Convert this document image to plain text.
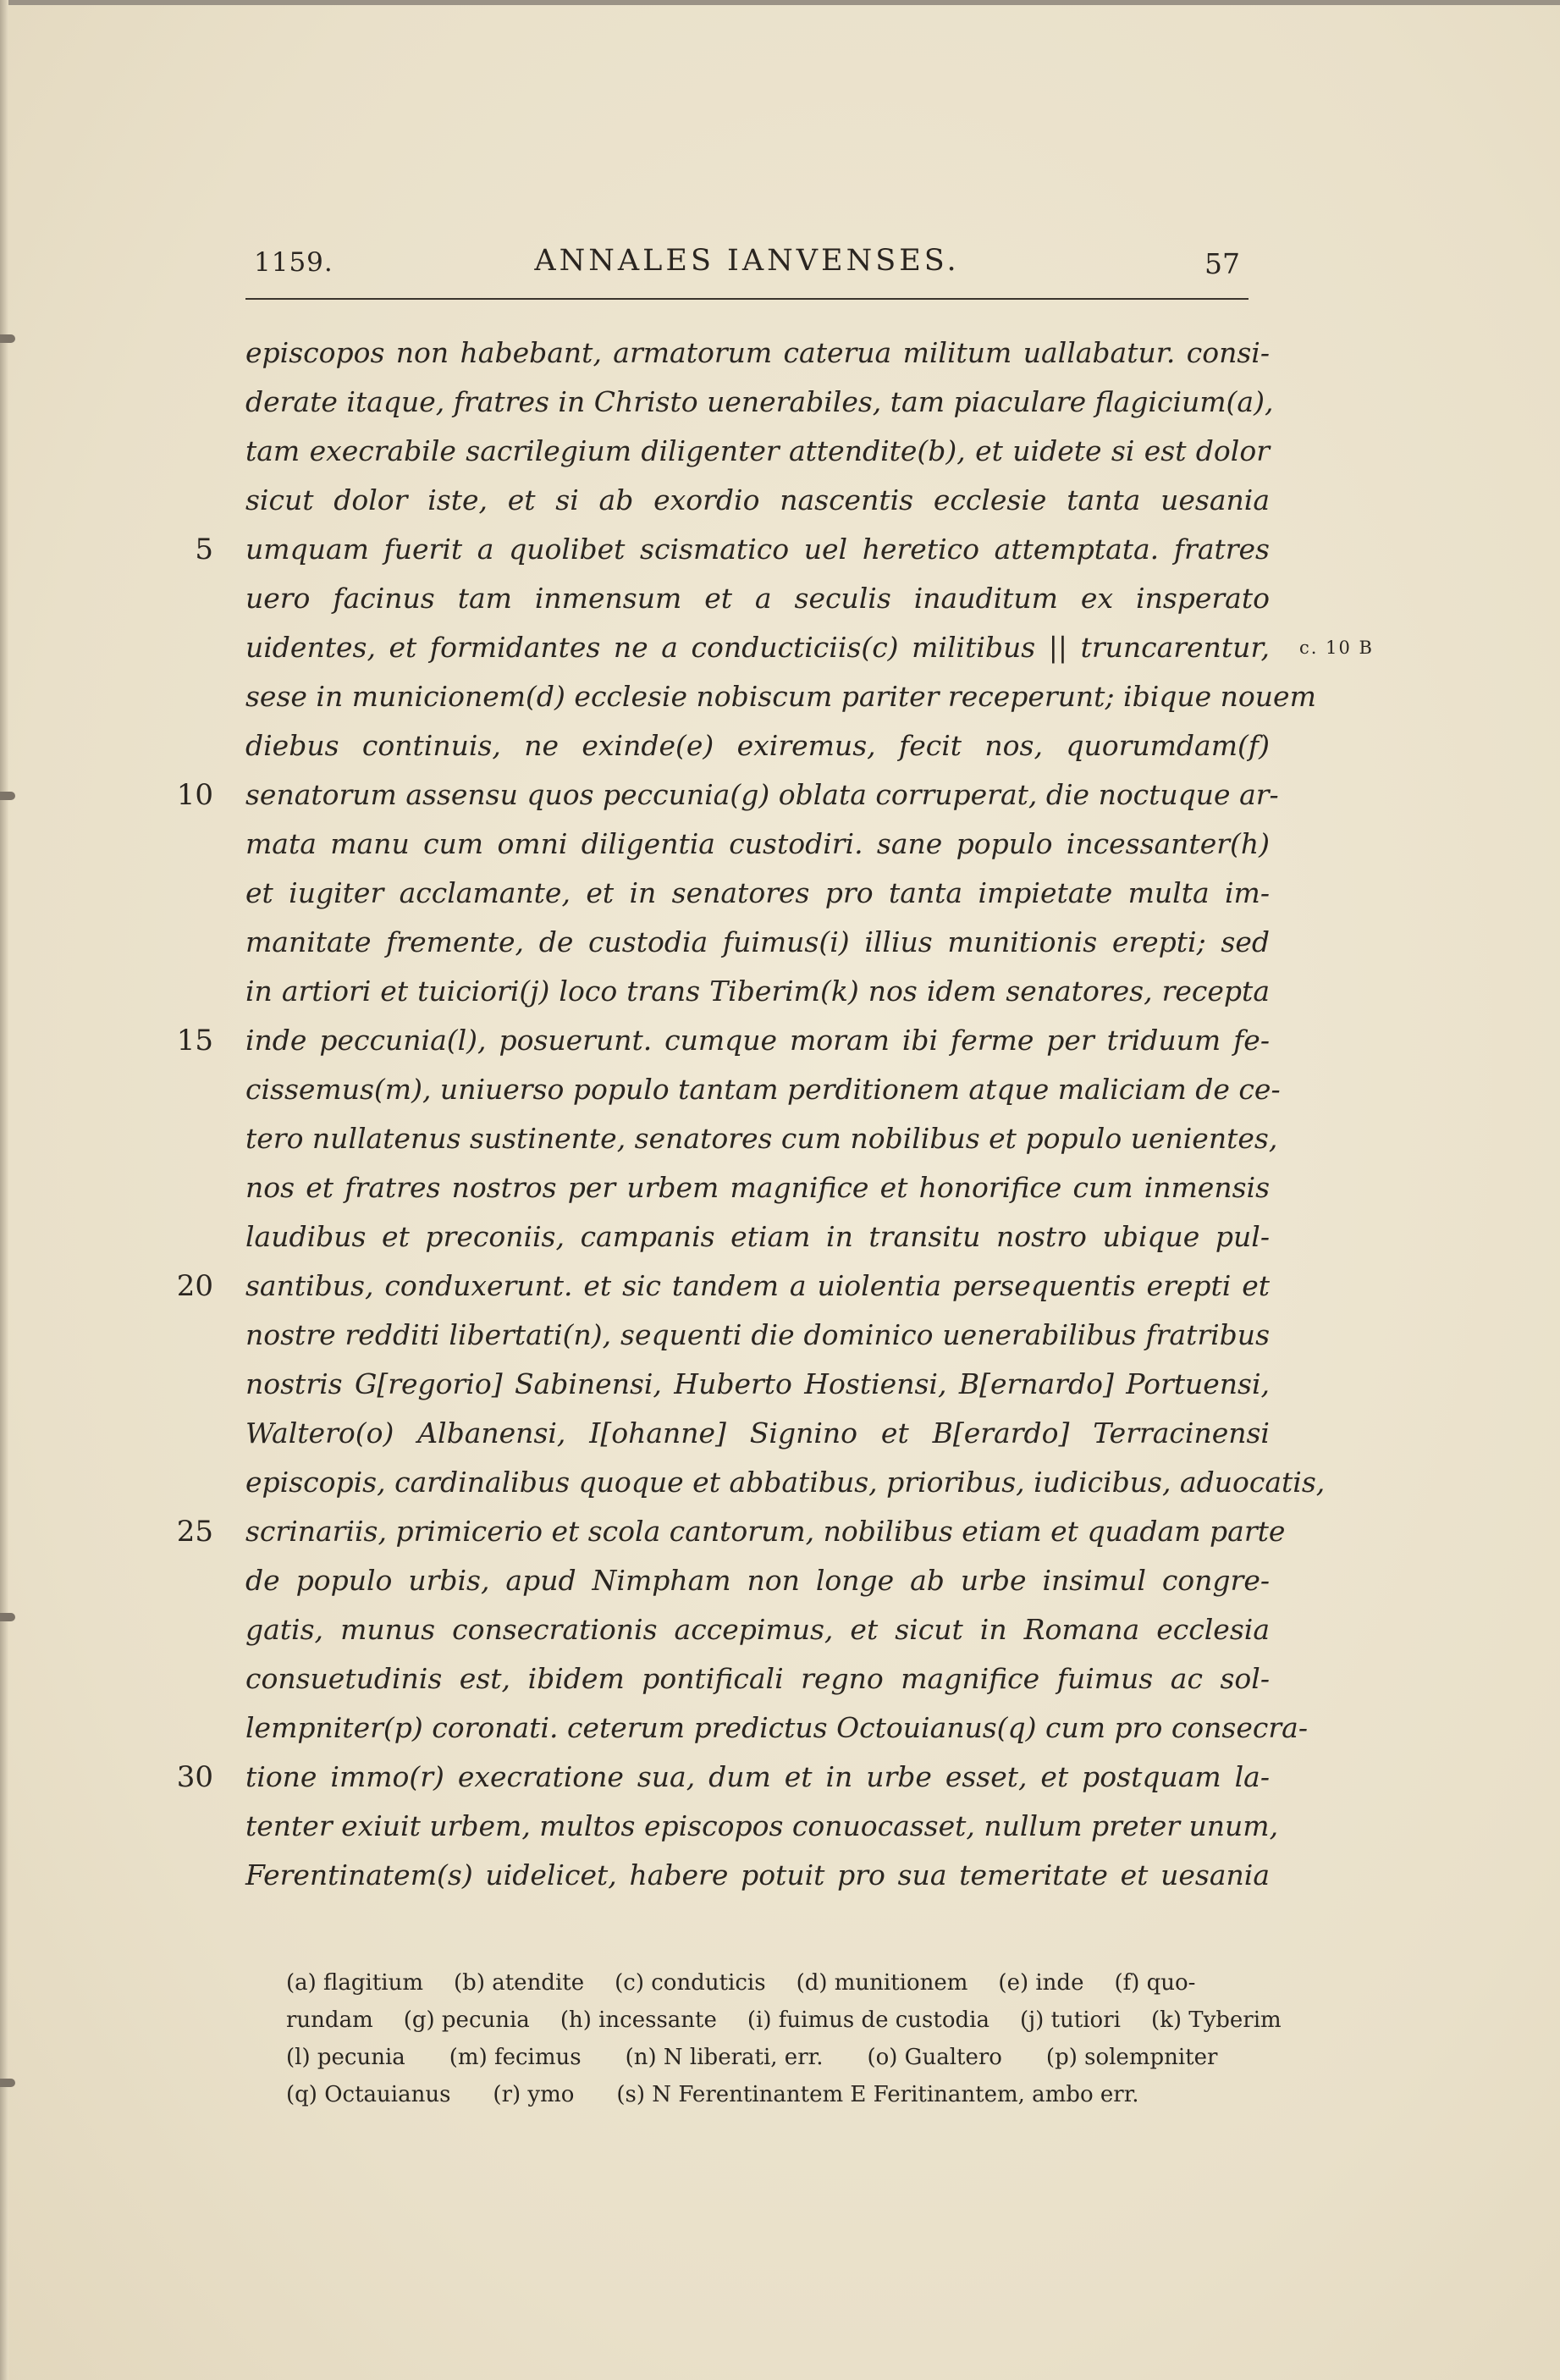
1159.	ANNALES IANVENSES.	57
episcopos non habebant, armatorum caterua militum uallabatur. consi-
derate itaque, fratres in Christo uenerabiles, tam piaculare flagicium(a),
tam execrabile sacrilegium diligenter attendite(b), et uidete si est dolor
sicut dolor iste, et si ab exordio nascentis ecclesie tanta uesania
5 umquam fuerit a quolibet scismatico uel heretico attemptata. fratres
uero facinus tam inmensum et a seculis inauditum ex insperato
uidentes, et formidantes ne a conducticiis(c) militibus || truncarentur, c. 10 B
sese in municionem(d) ecclesie nobiscum pariter receperunt; ibique nouem
diebus continuis, ne exinde(e) exiremus, fecit nos, quorumdam(f)
10 senatorum assensu quos peccunia(g) oblata corruperat, die noctuque ar-
mata manu cum omni diligentia custodiri. sane populo incessanter(h)
et iugiter acclamante, et in senatores pro tanta impietate multa im-
manitate fremente, de custodia fuimus(i) illius munitionis erepti; sed
in artiori et tuiciori(j) loco trans Tiberim(k) nos idem senatores, recepta
15 inde peccunia(l), posuerunt. cumque moram ibi ferme per triduum fe-
cissemus(m), uniuerso populo tantam perditionem atque maliciam de ce-
tero nullatenus sustinente, senatores cum nobilibus et populo uenientes,
nos et fratres nostros per urbem magnifice et honorifice cum inmensis
laudibus et preconiis, campanis etiam in transitu nostro ubique pul-
20 santibus, conduxerunt. et sic tandem a uiolentia persequentis erepti et
nostre redditi libertati(n), sequenti die dominico uenerabilibus fratribus
nostris G[regorio] Sabinensi, Huberto Hostiensi, B[ernardo] Portuensi,
Waltero(o) Albanensi, I[ohanne] Signino et B[erardo] Terracinensi
episcopis, cardinalibus quoque et abbatibus, prioribus, iudicibus, aduocatis,
25 scrinariis, primicerio et scola cantorum, nobilibus etiam et quadam parte
de populo urbis, apud Nimpham non longe ab urbe insimul congre-
gatis, munus consecrationis accepimus, et sicut in Romana ecclesia
consuetudinis est, ibidem pontificali regno magnifice fuimus ac sol-
lempniter(p) coronati. ceterum predictus Octouianus(q) cum pro consecra-
30 tione immo(r) execratione sua, dum et in urbe esset, et postquam la-
tenter exiuit urbem, multos episcopos conuocasset, nullum preter unum,
Ferentinatem(s) uidelicet, habere potuit pro sua temeritate et uesania
(a) flagitium (b) atendite (c) conduticis (d) munitionem (e) inde (f) quo-
rundam (g) pecunia (h) incessante (i) fuimus de custodia (j) tutiori (k) Tyberim
(l) pecunia (m) fecimus (n) N liberati, err. (o) Gualtero (p) solempniter
(q) Octauianus (r) ymo (s) N Ferentinantem E Feritinantem, ambo err.
